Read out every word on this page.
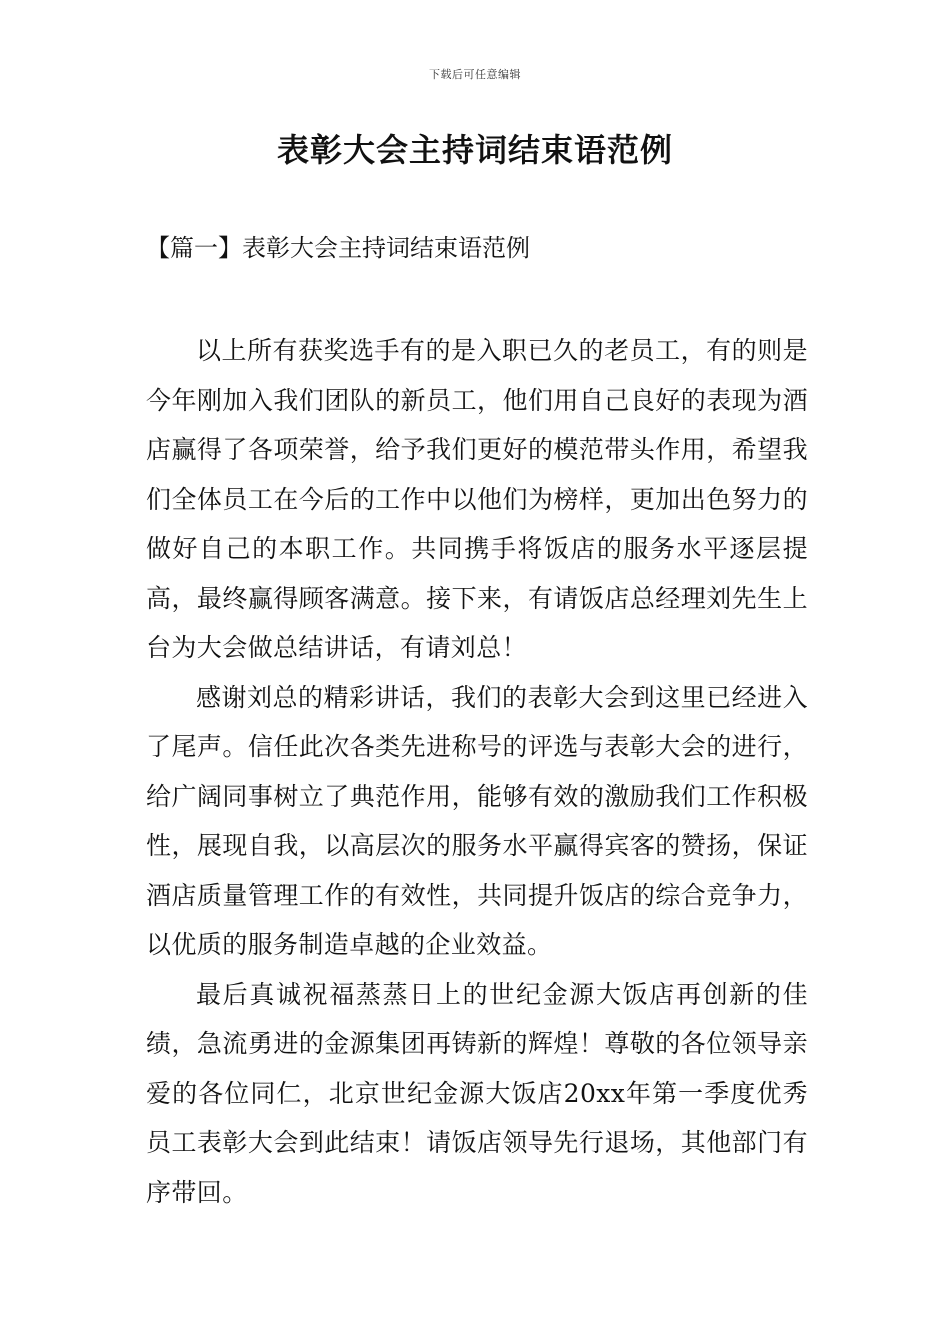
下载后可任意编辑
表彰大会主持词结束语范例
【篇一】表彰大会主持词结束语范例

以上所有获奖选手有的是入职已久的老员工，有的则是今年刚加入我们团队的新员工，他们用自己良好的表现为酒店赢得了各项荣誉，给予我们更好的模范带头作用，希望我们全体员工在今后的工作中以他们为榜样，更加出色努力的做好自己的本职工作。共同携手将饭店的服务水平逐层提高，最终赢得顾客满意。接下来，有请饭店总经理刘先生上台为大会做总结讲话，有请刘总！

感谢刘总的精彩讲话，我们的表彰大会到这里已经进入了尾声。信任此次各类先进称号的评选与表彰大会的进行，给广阔同事树立了典范作用，能够有效的激励我们工作积极性，展现自我，以高层次的服务水平赢得宾客的赞扬，保证酒店质量管理工作的有效性，共同提升饭店的综合竞争力，以优质的服务制造卓越的企业效益。

最后真诚祝福蒸蒸日上的世纪金源大饭店再创新的佳绩，急流勇进的金源集团再铸新的辉煌！尊敬的各位领导亲爱的各位同仁，北京世纪金源大饭店20xx年第一季度优秀员工表彰大会到此结束！请饭店领导先行退场，其他部门有序带回。
